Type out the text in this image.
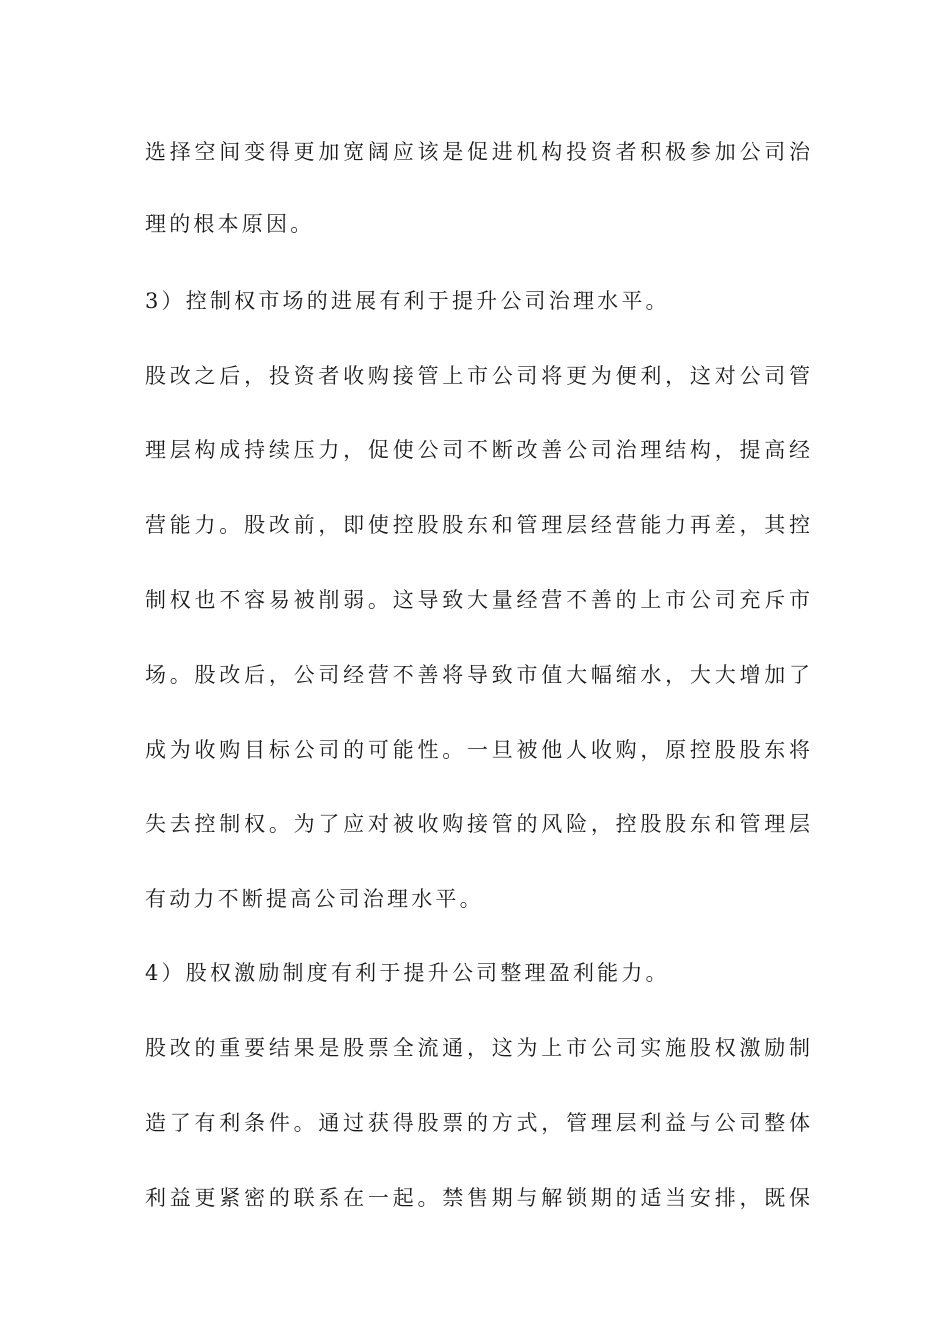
选择空间变得更加宽阔应该是促进机构投资者积极参加公司治
理的根本原因。
3）控制权市场的进展有利于提升公司治理水平。
股改之后，投资者收购接管上市公司将更为便利，这对公司管
理层构成持续压力，促使公司不断改善公司治理结构，提高经
营能力。股改前，即使控股股东和管理层经营能力再差，其控
制权也不容易被削弱。这导致大量经营不善的上市公司充斥市
场。股改后，公司经营不善将导致市值大幅缩水，大大增加了
成为收购目标公司的可能性。一旦被他人收购，原控股股东将
失去控制权。为了应对被收购接管的风险，控股股东和管理层
有动力不断提高公司治理水平。
4）股权激励制度有利于提升公司整理盈利能力。
股改的重要结果是股票全流通，这为上市公司实施股权激励制
造了有利条件。通过获得股票的方式，管理层利益与公司整体
利益更紧密的联系在一起。禁售期与解锁期的适当安排，既保
